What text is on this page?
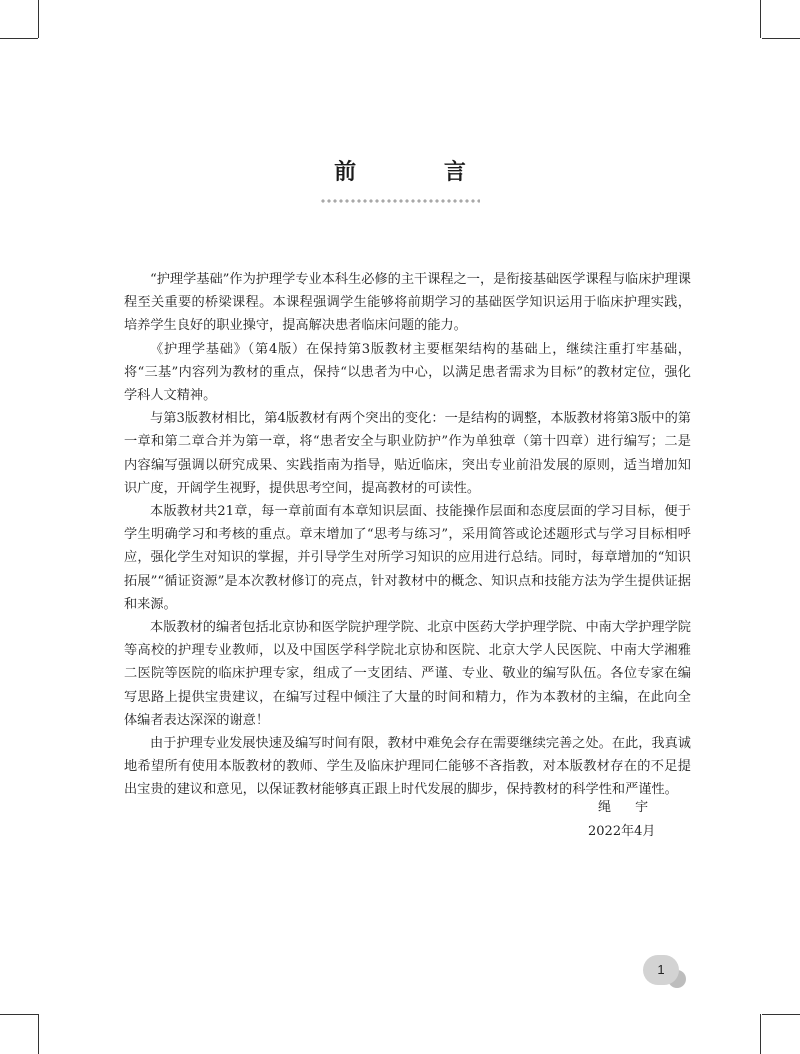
前 言

“护理学基础”作为护理学专业本科生必修的主干课程之一，是衔接基础医学课程与临床护理课程至关重要的桥梁课程。本课程强调学生能够将前期学习的基础医学知识运用于临床护理实践，培养学生良好的职业操守，提高解决患者临床问题的能力。

《护理学基础》（第4版）在保持第3版教材主要框架结构的基础上，继续注重打牢基础，将“三基”内容列为教材的重点，保持“以患者为中心，以满足患者需求为目标”的教材定位，强化学科人文精神。

与第3版教材相比，第4版教材有两个突出的变化：一是结构的调整，本版教材将第3版中的第一章和第二章合并为第一章，将“患者安全与职业防护”作为单独章（第十四章）进行编写；二是内容编写强调以研究成果、实践指南为指导，贴近临床，突出专业前沿发展的原则，适当增加知识广度，开阔学生视野，提供思考空间，提高教材的可读性。

本版教材共21章，每一章前面有本章知识层面、技能操作层面和态度层面的学习目标，便于学生明确学习和考核的重点。章末增加了“思考与练习”，采用简答或论述题形式与学习目标相呼应，强化学生对知识的掌握，并引导学生对所学习知识的应用进行总结。同时，每章增加的“知识拓展”“循证资源”是本次教材修订的亮点，针对教材中的概念、知识点和技能方法为学生提供证据和来源。

本版教材的编者包括北京协和医学院护理学院、北京中医药大学护理学院、中南大学护理学院等高校的护理专业教师，以及中国医学科学院北京协和医院、北京大学人民医院、中南大学湘雅二医院等医院的临床护理专家，组成了一支团结、严谨、专业、敬业的编写队伍。各位专家在编写思路上提供宝贵建议，在编写过程中倾注了大量的时间和精力，作为本教材的主编，在此向全体编者表达深深的谢意！

由于护理专业发展快速及编写时间有限，教材中难免会存在需要继续完善之处。在此，我真诚地希望所有使用本版教材的教师、学生及临床护理同仁能够不吝指教，对本版教材存在的不足提出宝贵的建议和意见，以保证教材能够真正跟上时代发展的脚步，保持教材的科学性和严谨性。

绳 宇
2022年4月
1
